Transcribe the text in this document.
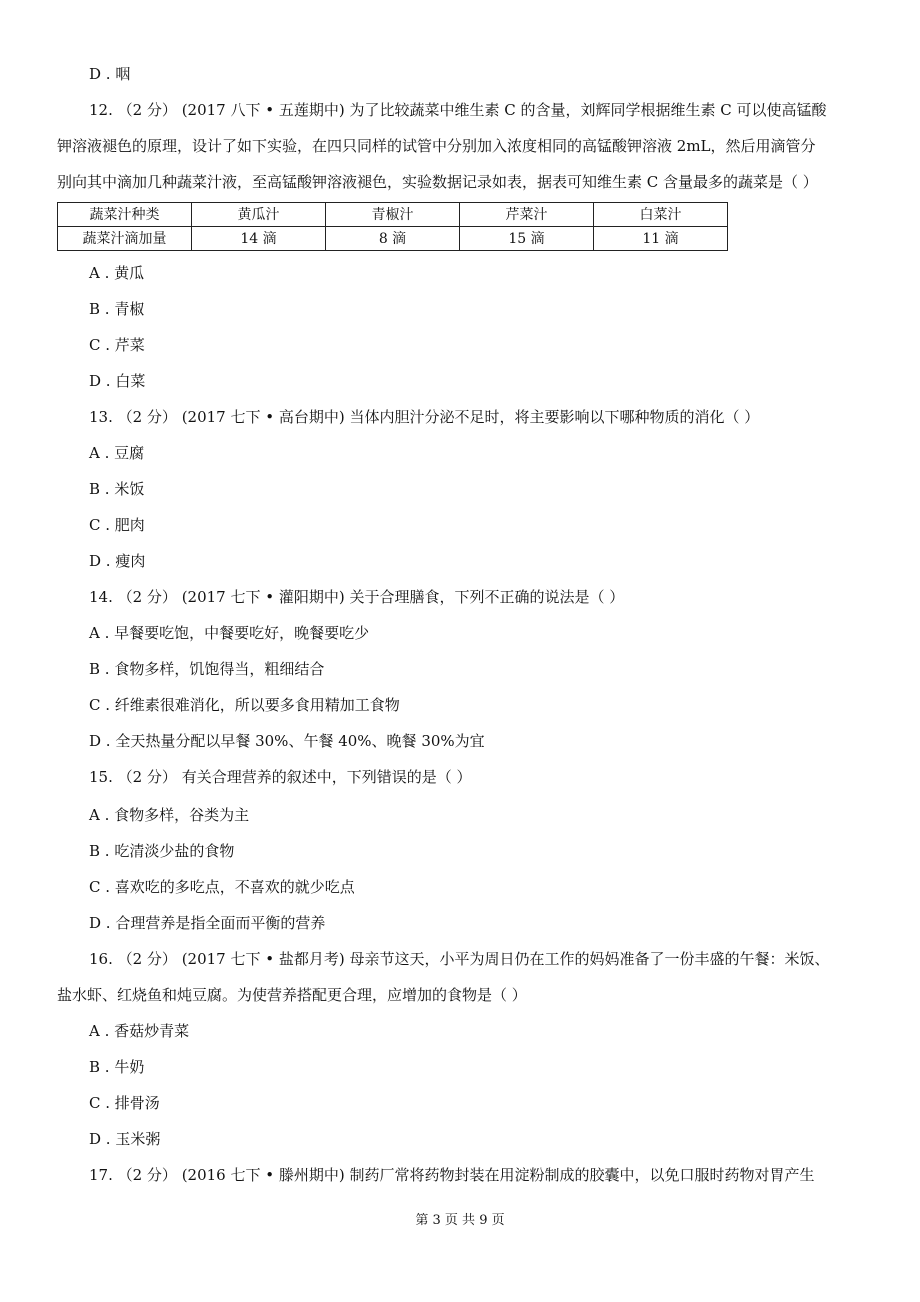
D . 咽
12. （2 分） (2017 八下 • 五莲期中) 为了比较蔬菜中维生素 C 的含量，刘辉同学根据维生素 C 可以使高锰酸
钾溶液褪色的原理，设计了如下实验，在四只同样的试管中分别加入浓度相同的高锰酸钾溶液 2mL，然后用滴管分
别向其中滴加几种蔬菜汁液，至高锰酸钾溶液褪色，实验数据记录如表，据表可知维生素 C 含量最多的蔬菜是（ ）
蔬菜汁种类	黄瓜汁	青椒汁	芹菜汁	白菜汁
蔬菜汁滴加量	14 滴	8 滴	15 滴	11 滴
A . 黄瓜
B . 青椒
C . 芹菜
D . 白菜
13. （2 分） (2017 七下 • 高台期中) 当体内胆汁分泌不足时，将主要影响以下哪种物质的消化（ ）
A . 豆腐
B . 米饭
C . 肥肉
D . 瘦肉
14. （2 分） (2017 七下 • 灌阳期中) 关于合理膳食，下列不正确的说法是（ ）
A . 早餐要吃饱，中餐要吃好，晚餐要吃少
B . 食物多样，饥饱得当，粗细结合
C . 纤维素很难消化，所以要多食用精加工食物
D . 全天热量分配以早餐 30%、午餐 40%、晚餐 30%为宜
15. （2 分） 有关合理营养的叙述中，下列错误的是（ ）
A . 食物多样，谷类为主
B . 吃清淡少盐的食物
C . 喜欢吃的多吃点，不喜欢的就少吃点
D . 合理营养是指全面而平衡的营养
16. （2 分） (2017 七下 • 盐都月考) 母亲节这天，小平为周日仍在工作的妈妈准备了一份丰盛的午餐：米饭、
盐水虾、红烧鱼和炖豆腐。为使营养搭配更合理，应增加的食物是（ ）
A . 香菇炒青菜
B . 牛奶
C . 排骨汤
D . 玉米粥
17. （2 分） (2016 七下 • 滕州期中) 制药厂常将药物封装在用淀粉制成的胶囊中，以免口服时药物对胃产生
第 3 页 共 9 页
